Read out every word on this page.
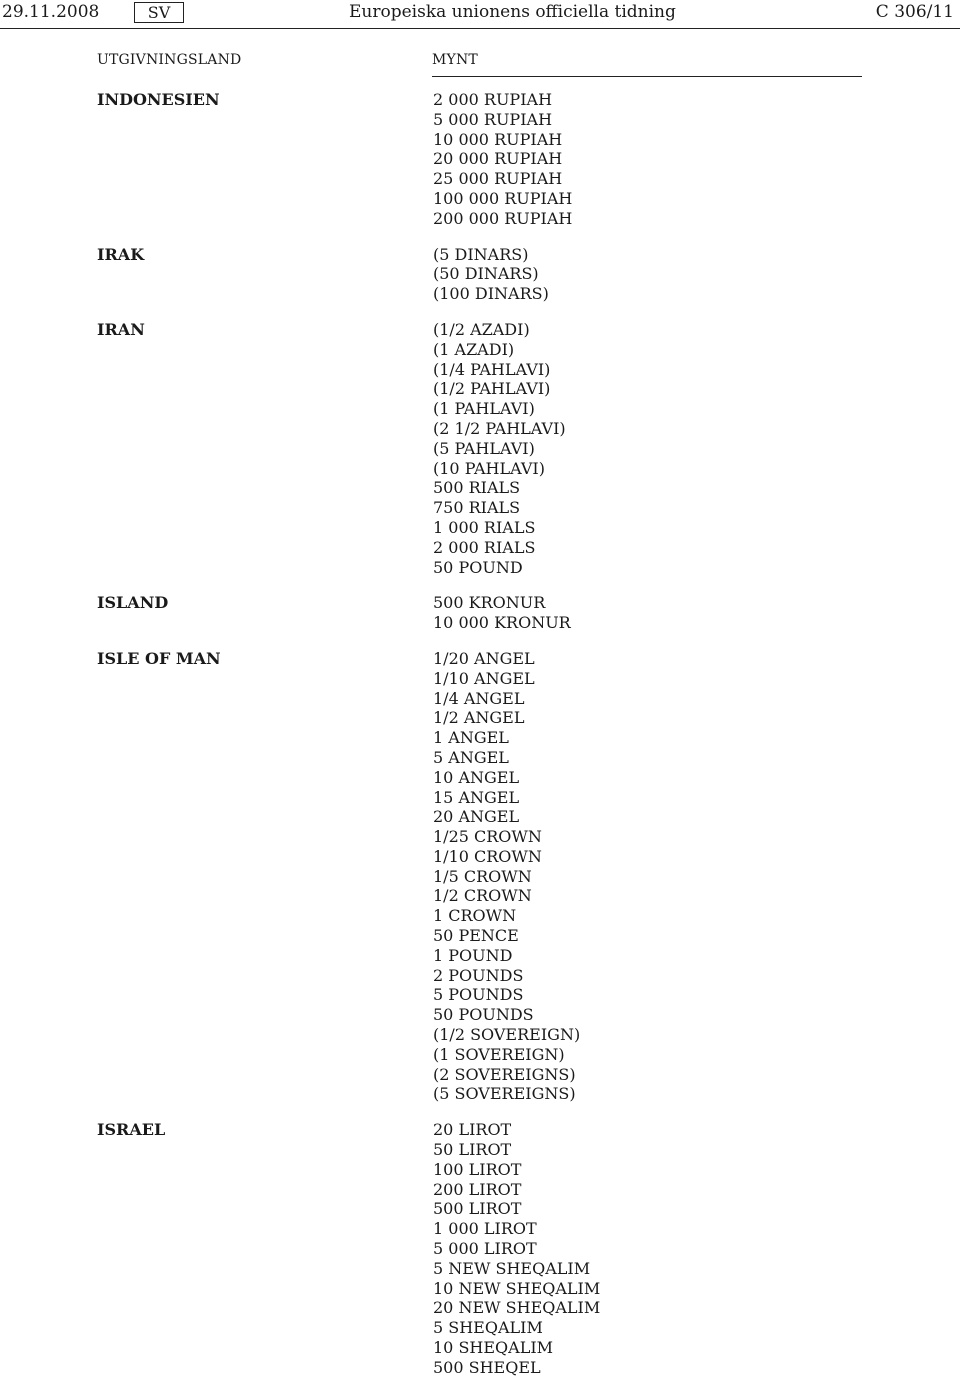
29.11.2008	SV	Europeiska unionens officiella tidning	C 306/11
UTGIVNINGSLAND	MYNT
INDONESIEN	2 000 RUPIAH
5 000 RUPIAH
10 000 RUPIAH
20 000 RUPIAH
25 000 RUPIAH
100 000 RUPIAH
200 000 RUPIAH
IRAK	(5 DINARS)
(50 DINARS)
(100 DINARS)
IRAN	(1/2 AZADI)
(1 AZADI)
(1/4 PAHLAVI)
(1/2 PAHLAVI)
(1 PAHLAVI)
(2 1/2 PAHLAVI)
(5 PAHLAVI)
(10 PAHLAVI)
500 RIALS
750 RIALS
1 000 RIALS
2 000 RIALS
50 POUND
ISLAND	500 KRONUR
10 000 KRONUR
ISLE OF MAN	1/20 ANGEL
1/10 ANGEL
1/4 ANGEL
1/2 ANGEL
1 ANGEL
5 ANGEL
10 ANGEL
15 ANGEL
20 ANGEL
1/25 CROWN
1/10 CROWN
1/5 CROWN
1/2 CROWN
1 CROWN
50 PENCE
1 POUND
2 POUNDS
5 POUNDS
50 POUNDS
(1/2 SOVEREIGN)
(1 SOVEREIGN)
(2 SOVEREIGNS)
(5 SOVEREIGNS)
ISRAEL	20 LIROT
50 LIROT
100 LIROT
200 LIROT
500 LIROT
1 000 LIROT
5 000 LIROT
5 NEW SHEQALIM
10 NEW SHEQALIM
20 NEW SHEQALIM
5 SHEQALIM
10 SHEQALIM
500 SHEQEL
